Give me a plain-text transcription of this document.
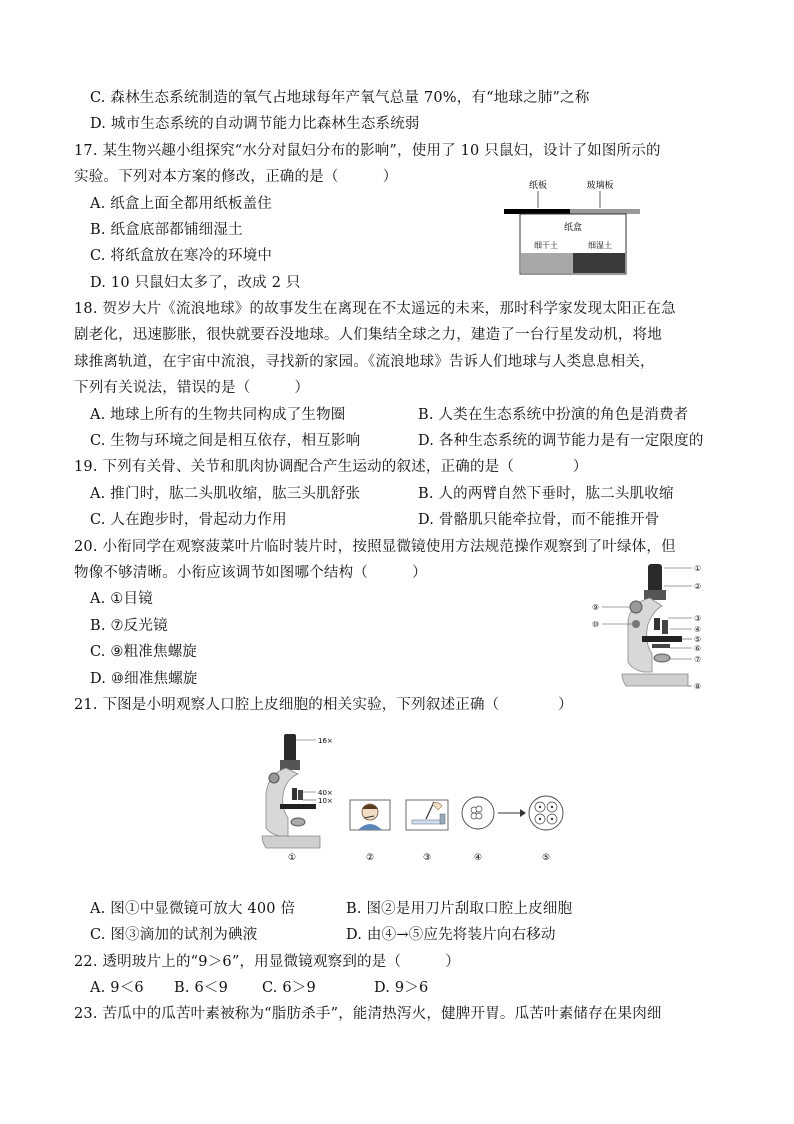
C. 森林生态系统制造的氧气占地球每年产氧气总量 70%，有“地球之肺”之称
D. 城市生态系统的自动调节能力比森林生态系统弱
17. 某生物兴趣小组探究“水分对鼠妇分布的影响”，使用了 10 只鼠妇，设计了如图所示的
实验。下列对本方案的修改，正确的是（　　　）
A. 纸盒上面全都用纸板盖住
B. 纸盒底部都铺细湿土
C. 将纸盒放在寒冷的环境中
D. 10 只鼠妇太多了，改成 2 只
18. 贺岁大片《流浪地球》的故事发生在离现在不太遥远的未来，那时科学家发现太阳正在急
剧老化，迅速膨胀，很快就要吞没地球。人们集结全球之力，建造了一台行星发动机，将地
球推离轨道，在宇宙中流浪，寻找新的家园。《流浪地球》告诉人们地球与人类息息相关，
下列有关说法，错误的是（　　　）
A. 地球上所有的生物共同构成了生物圈	B. 人类在生态系统中扮演的角色是消费者
C. 生物与环境之间是相互依存，相互影响	D. 各种生态系统的调节能力是有一定限度的
19. 下列有关骨、关节和肌肉协调配合产生运动的叙述，正确的是（　　　　）
A. 推门时，肱二头肌收缩，肱三头肌舒张	B. 人的两臂自然下垂时，肱二头肌收缩
C. 人在跑步时，骨起动力作用	D. 骨骼肌只能牵拉骨，而不能推开骨
20. 小衔同学在观察菠菜叶片临时装片时，按照显微镜使用方法规范操作观察到了叶绿体，但
物像不够清晰。小衔应该调节如图哪个结构（　　　）
A. ①目镜
B. ⑦反光镜
C. ⑨粗准焦螺旋
D. ⑩细准焦螺旋
21. 下图是小明观察人口腔上皮细胞的相关实验，下列叙述正确（　　　　）
A. 图①中显微镜可放大 400 倍	B. 图②是用刀片刮取口腔上皮细胞
C. 图③滴加的试剂为碘液	D. 由④→⑤应先将装片向右移动
22. 透明玻片上的“9＞6”，用显微镜观察到的是（　　　）
A. 9＜6 B. 6＜9 C. 6＞9	D. 9＞6
23. 苦瓜中的瓜苦叶素被称为“脂肪杀手”，能清热泻火，健脾开胃。瓜苦叶素储存在果肉细
纸板	玻璃板
纸盒
细干土	细湿土
①
②
③
④
⑤
⑥
⑦
⑧
⑨
⑩
16×
40×
10×
①	②	③	④	⑤
